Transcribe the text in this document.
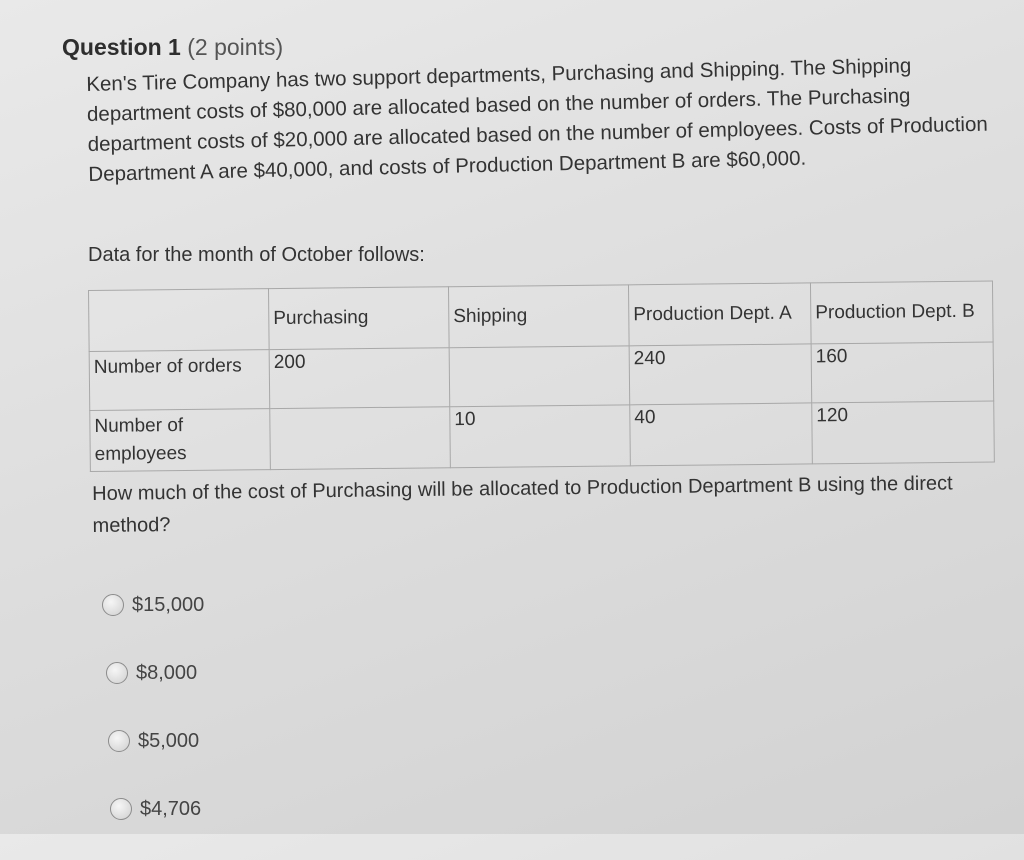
Question 1 (2 points)
Ken's Tire Company has two support departments, Purchasing and Shipping. The Shipping department costs of $80,000 are allocated based on the number of orders. The Purchasing department costs of $20,000 are allocated based on the number of employees. Costs of Production Department A are $40,000, and costs of Production Department B are $60,000.
Data for the month of October follows:
	Purchasing	Shipping	Production Dept. A	Production Dept. B
Number of orders	200		240	160
Number of employees		10	40	120
How much of the cost of Purchasing will be allocated to Production Department B using the direct method?
$15,000
$8,000
$5,000
$4,706
